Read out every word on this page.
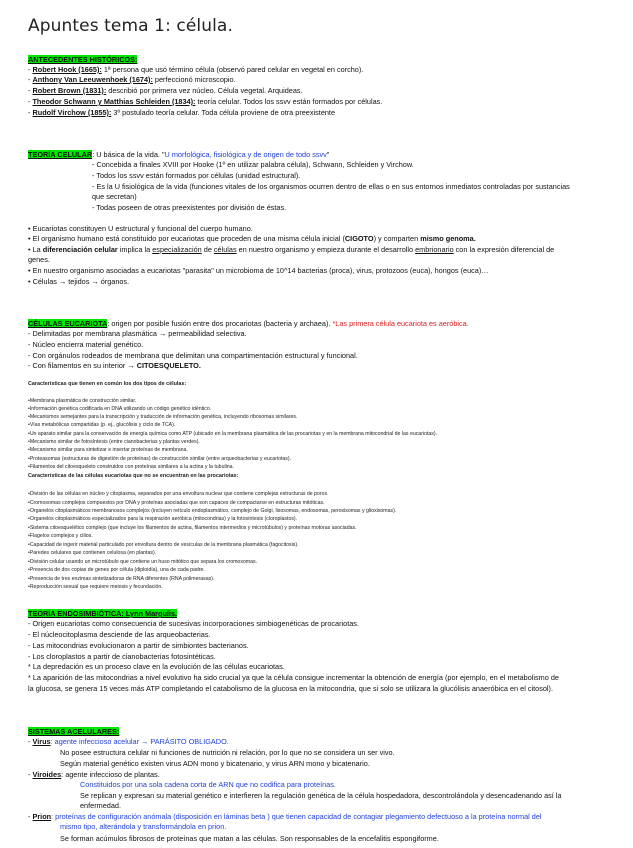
Apuntes tema 1: célula.
ANTECEDENTES HISTÓRICOS:
- Robert Hook (1665): 1ª persona que usó término célula (observó pared celular en vegetal en corcho).
- Anthony Van Leeuwenhoek (1674): perfeccionó microscopio.
- Robert Brown (1831): describió por primera vez núcleo. Célula vegetal. Arquideas.
- Theodor Schwann y Matthias Schleiden (1834): teoría celular. Todos los ssvv están formados por células.
- Rudolf Virchow (1855): 3º postulado teoría celular. Toda célula proviene de otra preexistente
TEORÍA CELULAR: U básica de la vida. "U morfológica, fisiológica y de origen de todo ssvv"
- Concebida a finales XVIII por Hooke (1º en utilizar palabra célula), Schwann, Schleiden y Virchow.
- Todos los ssvv están formados por células (unidad estructural).
- Es la U fisiológica de la vida (funciones vitales de los organismos ocurren dentro de ellas o en sus entornos inmediatos controladas por sustancias
que secretan)
- Todas poseen de otras preexistentes por división de éstas.
• Eucariotas constituyen U estructural y funcional del cuerpo humano.
• El organismo humano está constituido por eucariotas que proceden de una misma célula inicial (CIGOTO) y comparten mismo genoma.
• La diferenciación celular implica la especialización de células en nuestro organismo y empieza durante el desarrollo embrionario con la expresión diferencial de
genes.
• En nuestro organismo asociadas a eucariotas "parasita" un microbioma de 10^14 bacterias (proca), virus, protozoos (euca), hongos (euca)…
• Células → tejidos → órganos.
CÉLULAS EUCARIOTA: origen por posible fusión entre dos procariotas (bacteria y archaea). *Las primera célula eucariota es aeróbica.
- Delimitadas por membrana plasmática → permeabilidad selectiva.
- Núcleo encierra material genético.
- Con orgánulos rodeados de membrana que delimitan una compartimentación estructural y funcional.
- Con filamentos en su interior → CITOESQUELETO.
Características que tienen en común los dos tipos de células:
•Membrana plasmática de construcción similar.
•Información genética codificada en DNA utilizando un código genético idéntico.
•Mecanismos semejantes para la transcripción y traducción de información genética, incluyendo ribosomas similares.
•Vías metabólicas compartidas (p. ej., glucólisis y ciclo de TCA).
•Un aparato similar para la conservación de energía química como ATP (ubicado en la membrana plasmática de las procariotas y en la membrana mitocondrial de las eucariotas).
•Mecanismo similar de fotosíntesis (entre cianobacterias y plantas verdes).
•Mecanismo similar para sintetizar e insertar proteínas de membrana.
•Proteasomas (estructuras de digestión de proteínas) de construcción similar (entre arqueobacterias y eucariotas).
•Filamentos del citoesqueleto construidos con proteínas similares a la actina y la tubulina.
Características de las células eucariotas que no se encuentran en las procariotas:
•División de las células en núcleo y citoplasma, separados por una envoltura nuclear que contiene complejas estructuras de poros.
•Cromosomas complejos compuestos por DNA y proteínas asociadas que son capaces de compactarse en estructuras mitóticas.
•Organelos citoplasmáticos membranosos complejos (incluyen retículo endoplasmático, complejo de Golgi, lisosomas, endosomas, peroxisomas y glioxisomas).
•Organelos citoplasmáticos especializados para la respiración aeróbica (mitocondrias) y la fotosíntesis (cloroplastos).
•Sistema citoesquelético complejo (que incluye los filamentos de actina, filamentos intermedios y microtúbulos) y proteínas motoras asociadas.
•Flagelos complejos y cilios.
•Capacidad de ingerir material particulado por envoltura dentro de vesículas de la membrana plasmática (fagocitosis).
•Paredes celulares que contienen celulosa (en plantas).
•División celular usando un microtúbulo que contiene un huso mitótico que separa los cromosomas.
•Presencia de dos copias de genes por célula (diploidía), una de cada padre.
•Presencia de tres enzimas sintetizadoras de RNA diferentes (RNA polimerasas).
•Reproducción sexual que requiere meiosis y fecundación.
TEORÍA ENDOSIMBIÓTICA: Lynn Margulis.
- Origen eucariotas como consecuencia de sucesivas incorporaciones simbiogenéticas de procariotas.
- El núcleocitoplasma desciende de las arqueobacterias.
- Las mitocondrias evolucionaron a partir de simbiontes bacterianos.
- Los cloroplastos a partir de cianobacterias fotosintéticas.
* La depredación es un proceso clave en la evolución de las células eucariotas.
* La aparición de las mitocondrias a nivel evolutivo ha sido crucial ya que la célula consigue incrementar la obtención de energía (por ejemplo, en el metabolismo de
la glucosa, se genera 15 veces más ATP completando el catabolismo de la glucosa en la mitocondria, que si solo se utilizara la glucólisis anaeróbica en el citosol).
SISTEMAS ACELULARES:
- Virus: agente infeccioso acelular → PARÁSITO OBLIGADO.
No posee estructura celular ni funciones de nutrición ni relación, por lo que no se considera un ser vivo.
Según material genético existen virus ADN mono y bicatenario, y virus ARN mono y bicatenario.
- Viroides: agente infeccioso de plantas.
Constituidos por una sola cadena corta de ARN que no codifica para proteínas.
Se replican y expresan su material genético e interfieren la regulación genética de la célula hospedadora, descontrolándola y desencadenando así la
enfermedad.
- Prion: proteínas de configuración anómala (disposición en láminas beta ) que tienen capacidad de contagiar plegamiento defectuoso a la proteína normal del
mismo tipo, alterándola y transformándola en prion.
Se forman acúmulos fibrosos de proteínas que matan a las células. Son responsables de la encefalitis espongiforme.
